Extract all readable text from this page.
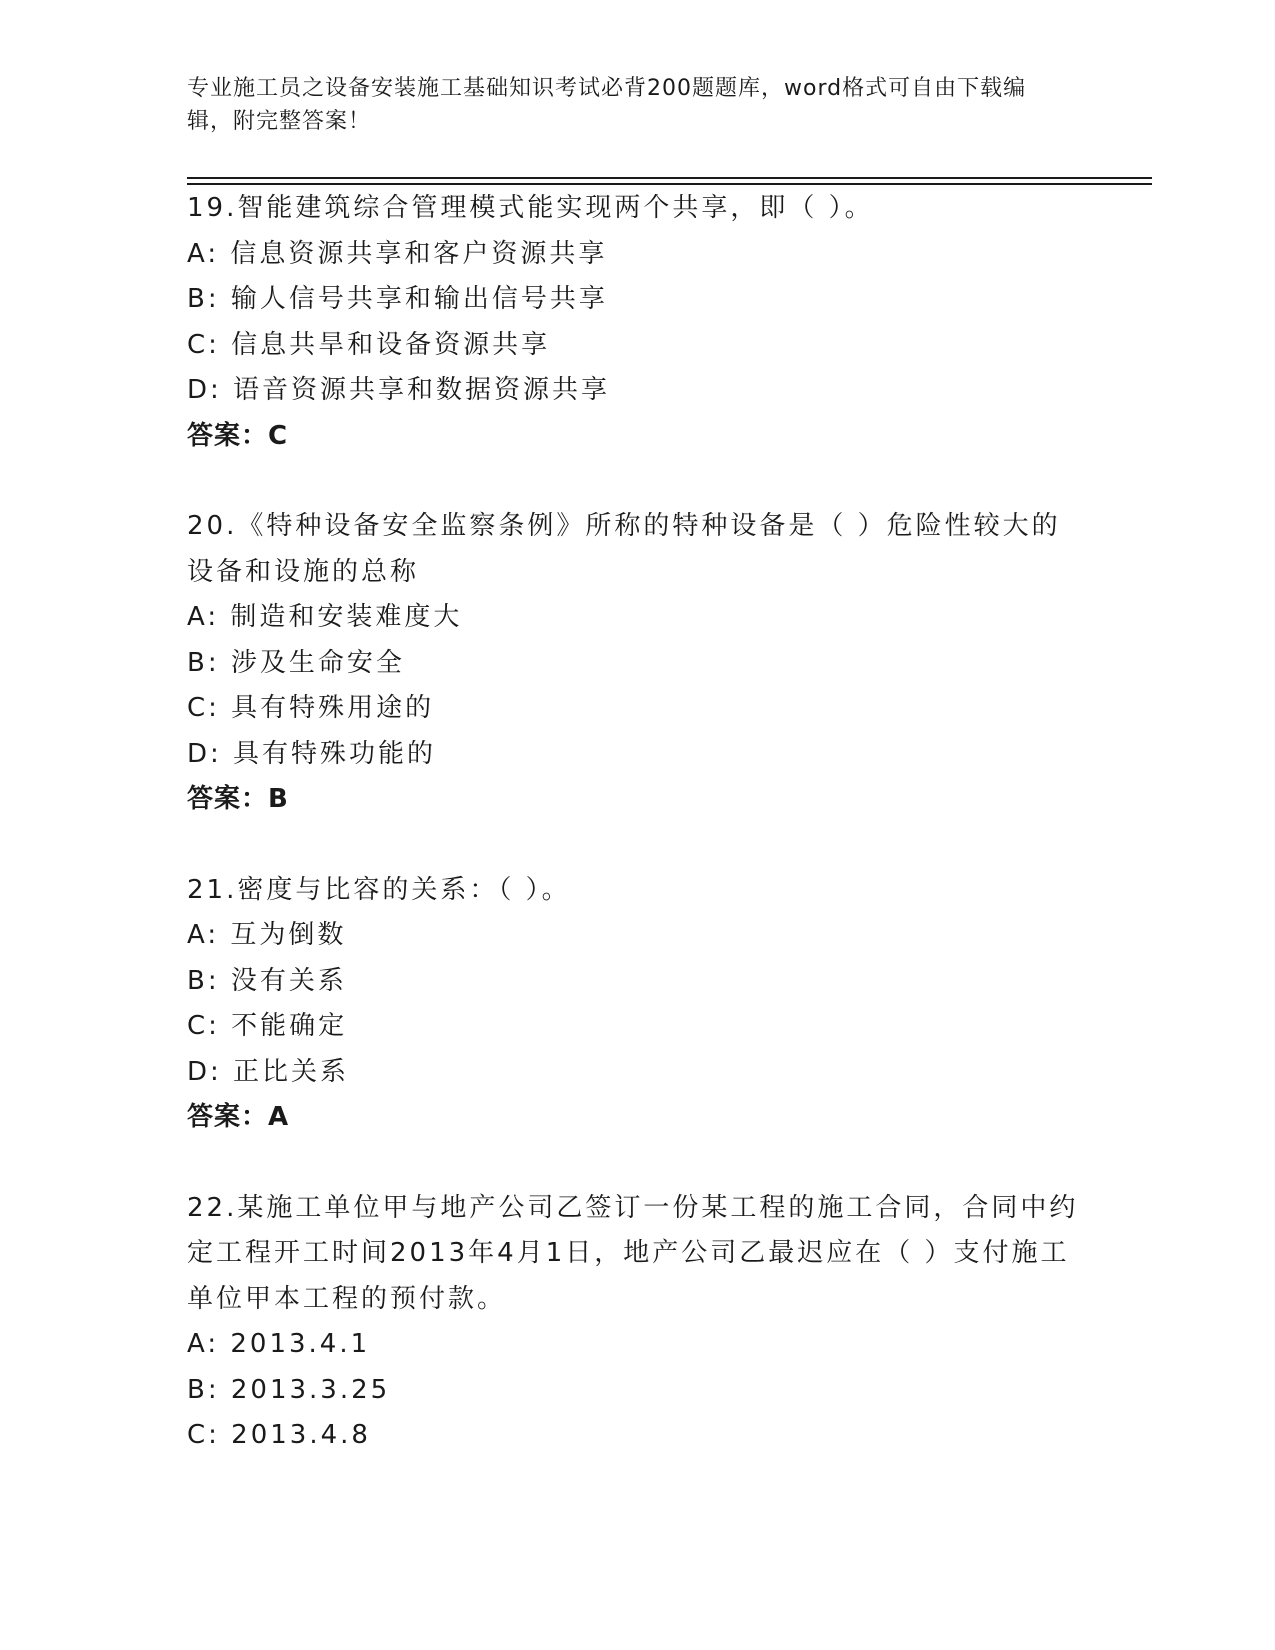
专业施工员之设备安装施工基础知识考试必背200题题库，word格式可自由下载编辑，附完整答案！
19.智能建筑综合管理模式能实现两个共享，即（ ）。
A: 信息资源共享和客户资源共享
B: 输人信号共享和输出信号共享
C: 信息共旱和设备资源共享
D: 语音资源共享和数据资源共享
答案：C
20.《特种设备安全监察条例》所称的特种设备是（ ）危险性较大的设备和设施的总称
A: 制造和安装难度大
B: 涉及生命安全
C: 具有特殊用途的
D: 具有特殊功能的
答案：B
21.密度与比容的关系：（ ）。
A: 互为倒数
B: 没有关系
C: 不能确定
D: 正比关系
答案：A
22.某施工单位甲与地产公司乙签订一份某工程的施工合同，合同中约定工程开工时间2013年4月1日，地产公司乙最迟应在（ ）支付施工单位甲本工程的预付款。
A: 2013.4.1
B: 2013.3.25
C: 2013.4.8
